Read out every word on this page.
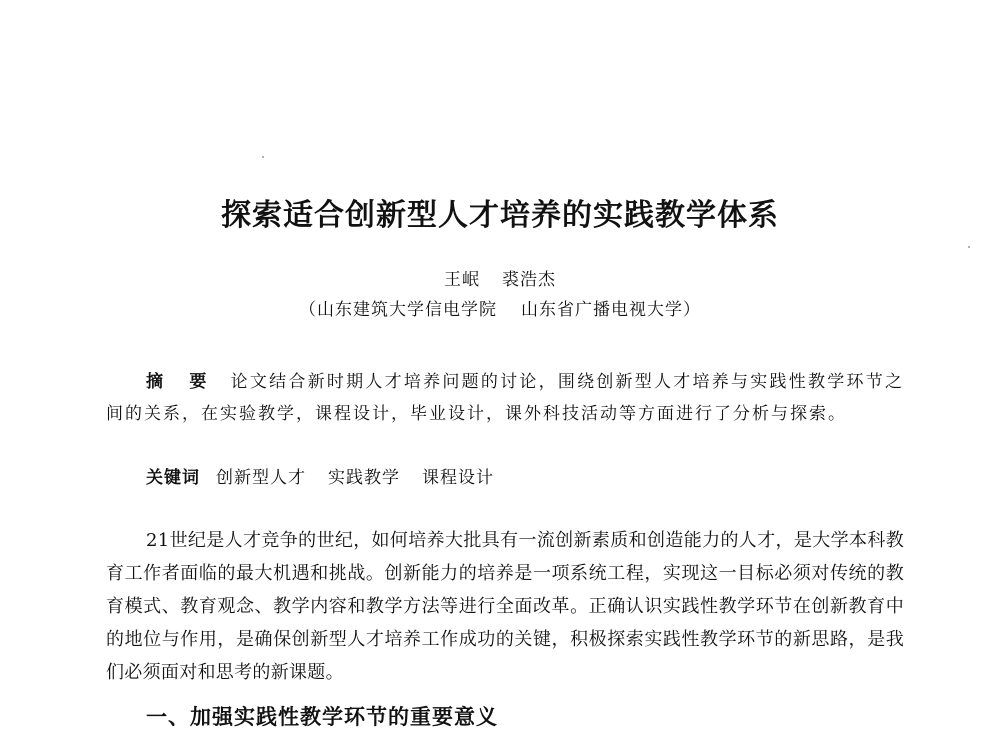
探索适合创新型人才培养的实践教学体系
王岷 裘浩杰
（山东建筑大学信电学院 山东省广播电视大学）

摘 要 论文结合新时期人才培养问题的讨论，围绕创新型人才培养与实践性教学环节之间的关系，在实验教学，课程设计，毕业设计，课外科技活动等方面进行了分析与探索。

关键词 创新型人才 实践教学 课程设计

21世纪是人才竞争的世纪，如何培养大批具有一流创新素质和创造能力的人才，是大学本科教育工作者面临的最大机遇和挑战。创新能力的培养是一项系统工程，实现这一目标必须对传统的教育模式、教育观念、教学内容和教学方法等进行全面改革。正确认识实践性教学环节在创新教育中的地位与作用，是确保创新型人才培养工作成功的关键，积极探索实践性教学环节的新思路，是我们必须面对和思考的新课题。

一、加强实践性教学环节的重要意义
